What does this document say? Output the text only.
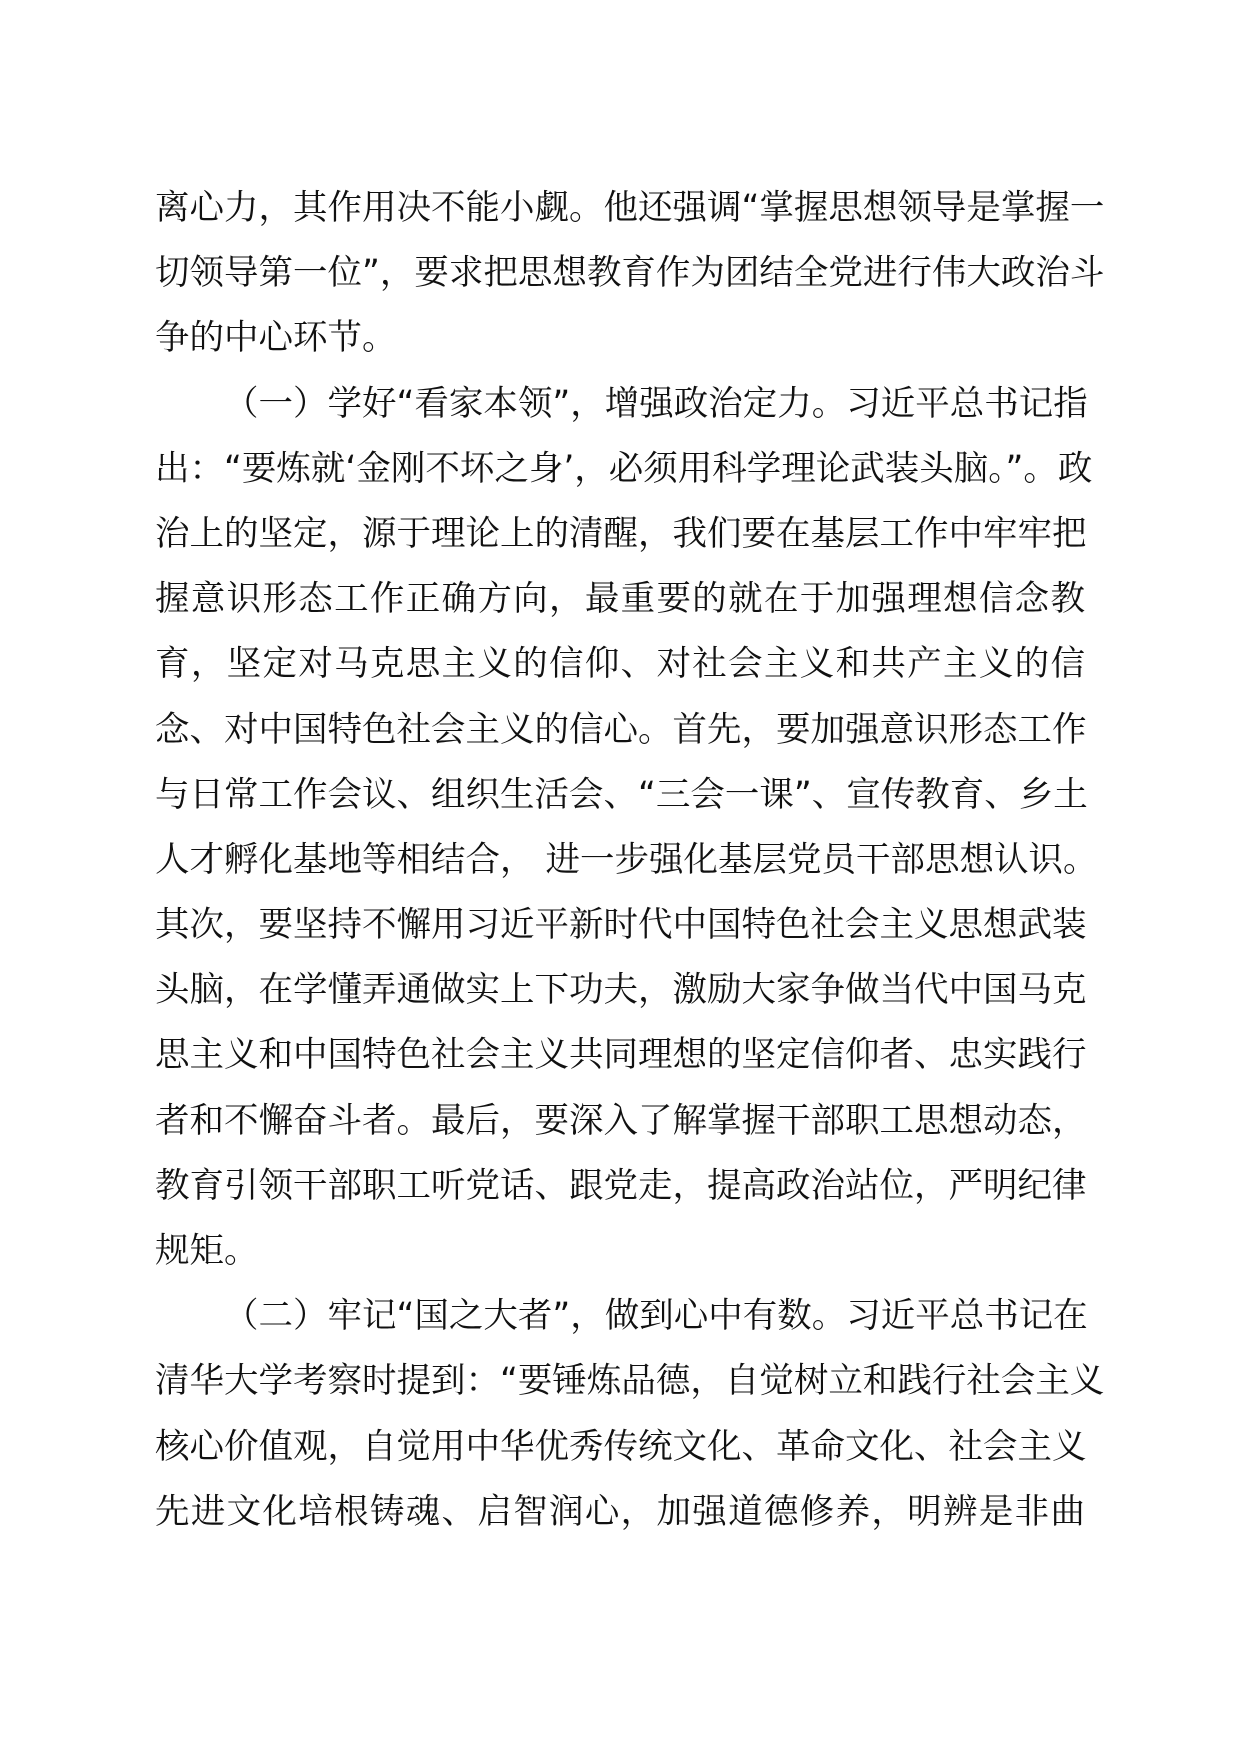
离心力，其作用决不能小觑。他还强调“掌握思想领导是掌握一
切领导第一位”，要求把思想教育作为团结全党进行伟大政治斗
争的中心环节。
（一）学好“看家本领”，增强政治定力。习近平总书记指
出：“要炼就‘金刚不坏之身’，必须用科学理论武装头脑。”。政
治上的坚定，源于理论上的清醒，我们要在基层工作中牢牢把
握意识形态工作正确方向，最重要的就在于加强理想信念教
育，坚定对马克思主义的信仰、对社会主义和共产主义的信
念、对中国特色社会主义的信心。首先，要加强意识形态工作
与日常工作会议、组织生活会、“三会一课”、宣传教育、乡土
人才孵化基地等相结合， 进一步强化基层党员干部思想认识。
其次，要坚持不懈用习近平新时代中国特色社会主义思想武装
头脑，在学懂弄通做实上下功夫，激励大家争做当代中国马克
思主义和中国特色社会主义共同理想的坚定信仰者、忠实践行
者和不懈奋斗者。最后，要深入了解掌握干部职工思想动态，
教育引领干部职工听党话、跟党走，提高政治站位，严明纪律
规矩。
（二）牢记“国之大者”，做到心中有数。习近平总书记在
清华大学考察时提到：“要锤炼品德，自觉树立和践行社会主义
核心价值观，自觉用中华优秀传统文化、革命文化、社会主义
先进文化培根铸魂、启智润心，加强道德修养，明辨是非曲
